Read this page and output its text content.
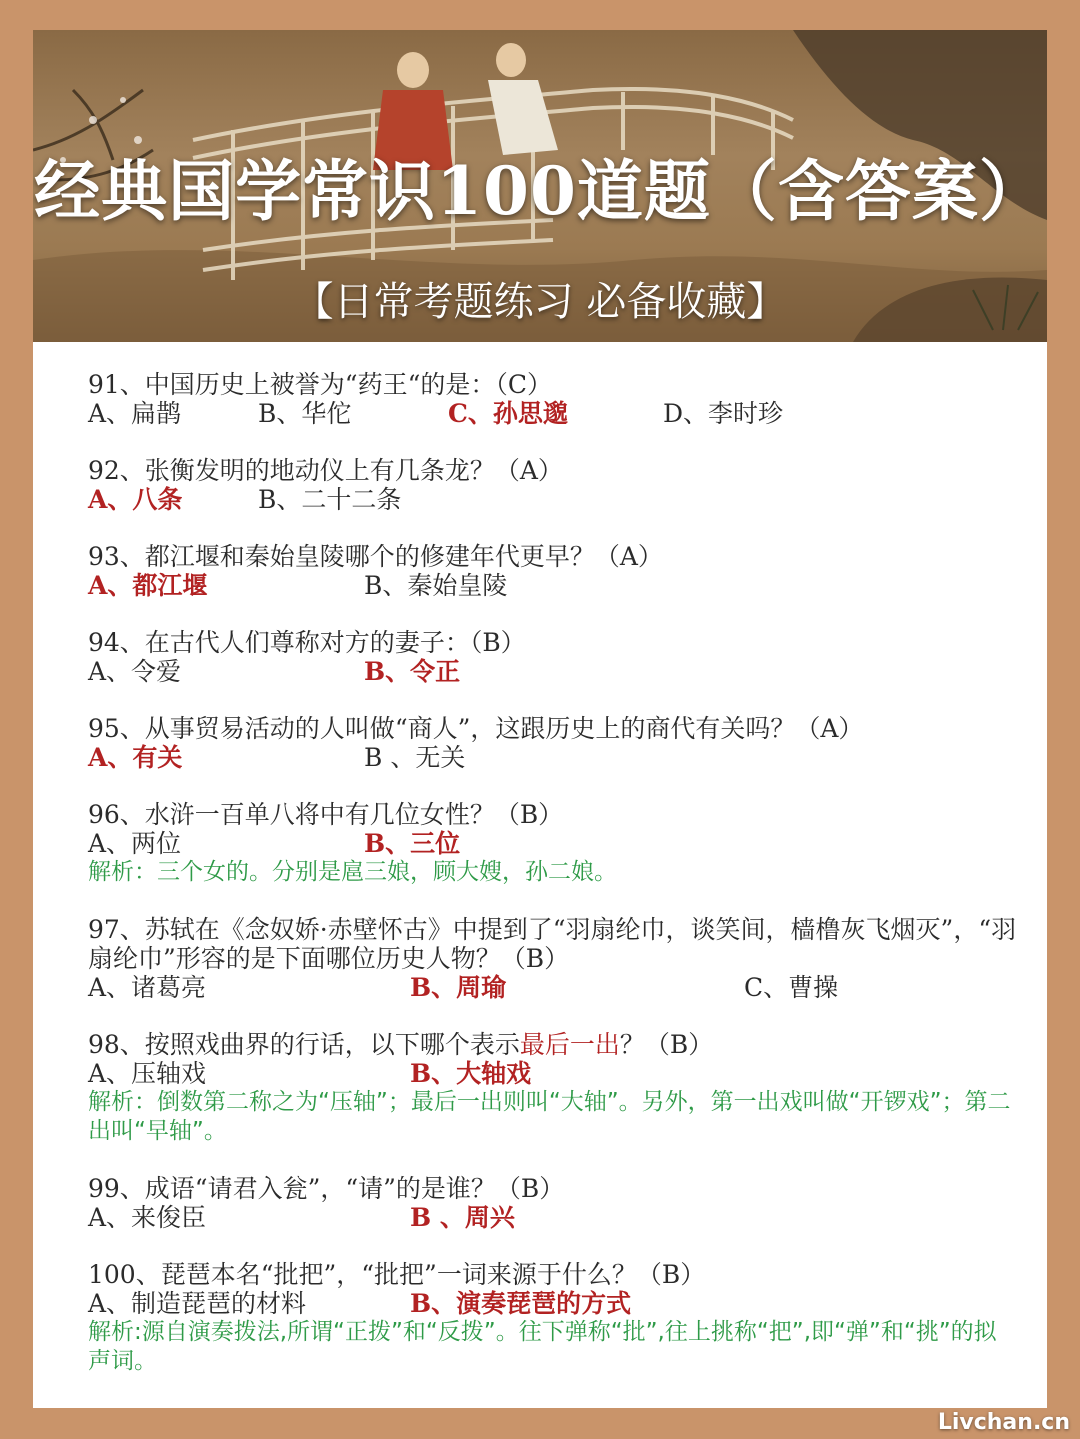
经典国学常识100道题（含答案）
【日常考题练习 必备收藏】
91、中国历史上被誉为“药王“的是：（C）
A、扁鹊	B、华佗	C、孙思邈	D、李时珍
92、张衡发明的地动仪上有几条龙？（A）
A、八条	B、二十二条
93、都江堰和秦始皇陵哪个的修建年代更早？（A）
A、都江堰	B、秦始皇陵
94、在古代人们尊称对方的妻子：（B）
A、令爱	B、令正
95、从事贸易活动的人叫做“商人”，这跟历史上的商代有关吗？（A）
A、有关	B 、无关
96、水浒一百单八将中有几位女性？（B）
A、两位	B、三位
解析：三个女的。分别是扈三娘，顾大嫂，孙二娘。
97、苏轼在《念奴娇·赤壁怀古》中提到了“羽扇纶巾，谈笑间，樯橹灰飞烟灭”，“羽扇纶巾”形容的是下面哪位历史人物？（B）
A、诸葛亮	B、周瑜	C、曹操
98、按照戏曲界的行话，以下哪个表示最后一出？（B）
A、压轴戏	B、大轴戏
解析：倒数第二称之为“压轴”；最后一出则叫“大轴”。另外，第一出戏叫做“开锣戏”；第二出叫“早轴”。
99、成语“请君入瓮”，“请”的是谁？（B）
A、来俊臣	B 、周兴
100、琵琶本名“批把”，“批把”一词来源于什么？（B）
A、制造琵琶的材料	B、演奏琵琶的方式
解析:源自演奏拨法,所谓“正拨”和“反拨”。往下弹称“批”,往上挑称“把”,即“弹”和“挑”的拟声词。
Livchan.cn
